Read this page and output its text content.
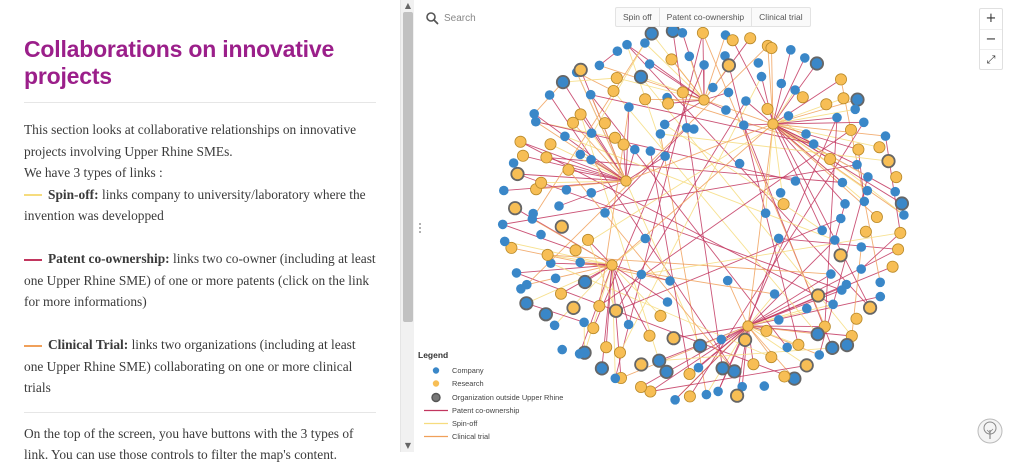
Collaborations on innovative projects

This section looks at collaborative relationships on innovative projects involving Upper Rhine SMEs.

We have 3 types of links :

Spin-off: links company to university/laboratory where the invention was developped

Patent co-ownership: links two co-owner (including at least one Upper Rhine SME) of one or more patents (click on the link for more informations)

Clinical Trial: links two organizations (including at least one Upper Rhine SME) collaborating on one or more clinical trials

On the top of the screen, you have buttons with the 3 types of link. You can use those controls to filter the map's content.

▲
▼
Search
Spin off	Patent co-ownership	Clinical trial	+
−
⤢
Legend
Company
Research
Organization outside Upper Rhine
Patent co-ownership
Spin-off
Clinical trial
